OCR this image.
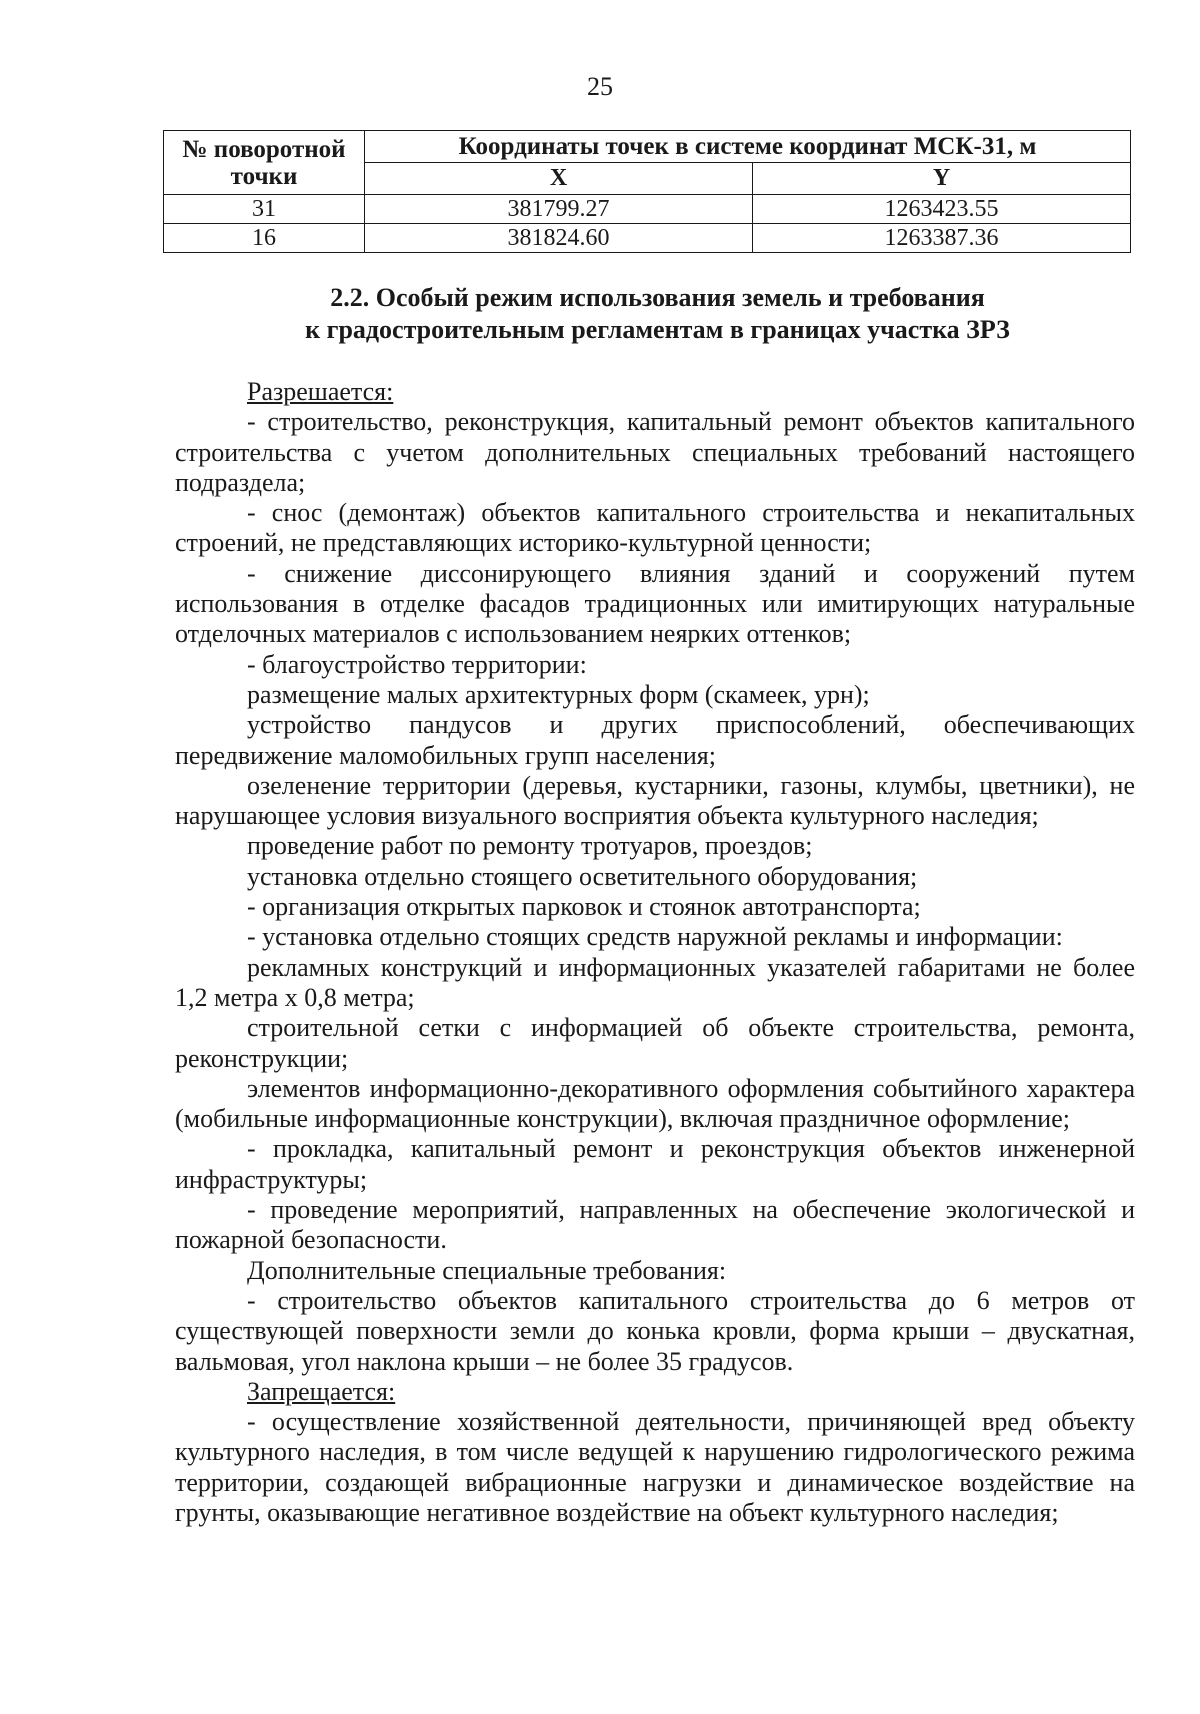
25
№ поворотной точки	Координаты точек в системе координат МСК-31, м	
	X	Y
31	381799.27	1263423.55
16	381824.60	1263387.36
2.2. Особый режим использования земель и требования
к градостроительным регламентам в границах участка ЗРЗ

Разрешается:

- строительство, реконструкция, капитальный ремонт объектов капитального строительства с учетом дополнительных специальных требований настоящего подраздела;

- снос (демонтаж) объектов капитального строительства и некапитальных строений, не представляющих историко-культурной ценности;

- снижение диссонирующего влияния зданий и сооружений путем использования в отделке фасадов традиционных или имитирующих натуральные отделочных материалов с использованием неярких оттенков;

- благоустройство территории:

размещение малых архитектурных форм (скамеек, урн);

устройство пандусов и других приспособлений, обеспечивающих передвижение маломобильных групп населения;

озеленение территории (деревья, кустарники, газоны, клумбы, цветники), не нарушающее условия визуального восприятия объекта культурного наследия;

проведение работ по ремонту тротуаров, проездов;

установка отдельно стоящего осветительного оборудования;

- организация открытых парковок и стоянок автотранспорта;

- установка отдельно стоящих средств наружной рекламы и информации:

рекламных конструкций и информационных указателей габаритами не более 1,2 метра х 0,8 метра;

строительной сетки с информацией об объекте строительства, ремонта, реконструкции;

элементов информационно-декоративного оформления событийного характера (мобильные информационные конструкции), включая праздничное оформление;

- прокладка, капитальный ремонт и реконструкция объектов инженерной инфраструктуры;

- проведение мероприятий, направленных на обеспечение экологической и пожарной безопасности.

Дополнительные специальные требования:

- строительство объектов капитального строительства до 6 метров от существующей поверхности земли до конька кровли, форма крыши – двускатная, вальмовая, угол наклона крыши – не более 35 градусов.

Запрещается:

- осуществление хозяйственной деятельности, причиняющей вред объекту культурного наследия, в том числе ведущей к нарушению гидрологического режима территории, создающей вибрационные нагрузки и динамическое воздействие на грунты, оказывающие негативное воздействие на объект культурного наследия;
